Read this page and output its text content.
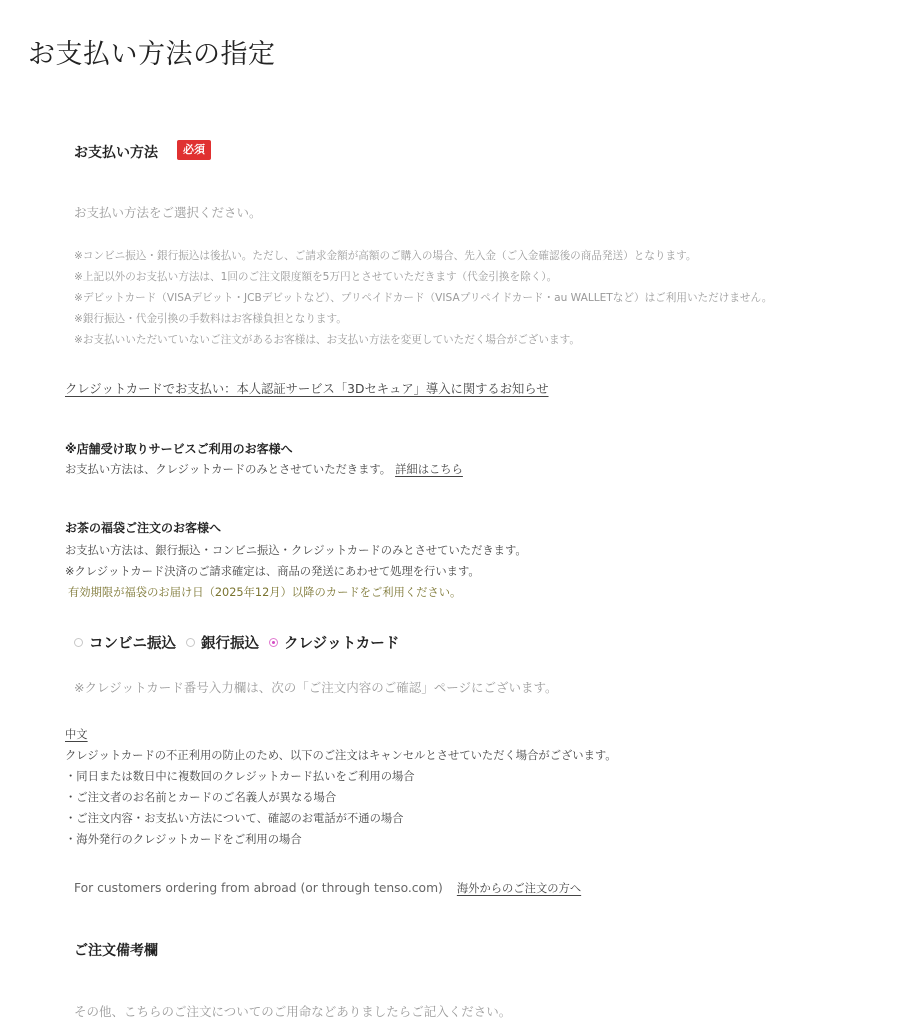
お支払い方法の指定
お支払い方法	必須
お支払い方法をご選択ください。
※コンビニ振込・銀行振込は後払い。ただし、ご請求金額が高額のご購入の場合、先入金（ご入金確認後の商品発送）となります。
※上記以外のお支払い方法は、1回のご注文限度額を5万円とさせていただきます（代金引換を除く）。
※デビットカード（VISAデビット・JCBデビットなど）、プリペイドカード（VISAプリペイドカード・au WALLETなど）はご利用いただけません。
※銀行振込・代金引換の手数料はお客様負担となります。
※お支払いいただいていないご注文があるお客様は、お支払い方法を変更していただく場合がございます。
クレジットカードでお支払い：本人認証サービス「3Dセキュア」導入に関するお知らせ
※店舗受け取りサービスご利用のお客様へ
お支払い方法は、クレジットカードのみとさせていただきます。 詳細はこちら
お茶の福袋ご注文のお客様へ
お支払い方法は、銀行振込・コンビニ振込・クレジットカードのみとさせていただきます。
※クレジットカード決済のご請求確定は、商品の発送にあわせて処理を行います。
有効期限が福袋のお届け日（2025年12月）以降のカードをご利用ください。
コンビニ振込 銀行振込 クレジットカード
※クレジットカード番号入力欄は、次の「ご注文内容のご確認」ページにございます。
中文
クレジットカードの不正利用の防止のため、以下のご注文はキャンセルとさせていただく場合がございます。
・同日または数日中に複数回のクレジットカード払いをご利用の場合
・ご注文者のお名前とカードのご名義人が異なる場合
・ご注文内容・お支払い方法について、確認のお電話が不通の場合
・海外発行のクレジットカードをご利用の場合
For customers ordering from abroad (or through tenso.com) 海外からのご注文の方へ
ご注文備考欄
その他、こちらのご注文についてのご用命などありましたらご記入ください。
